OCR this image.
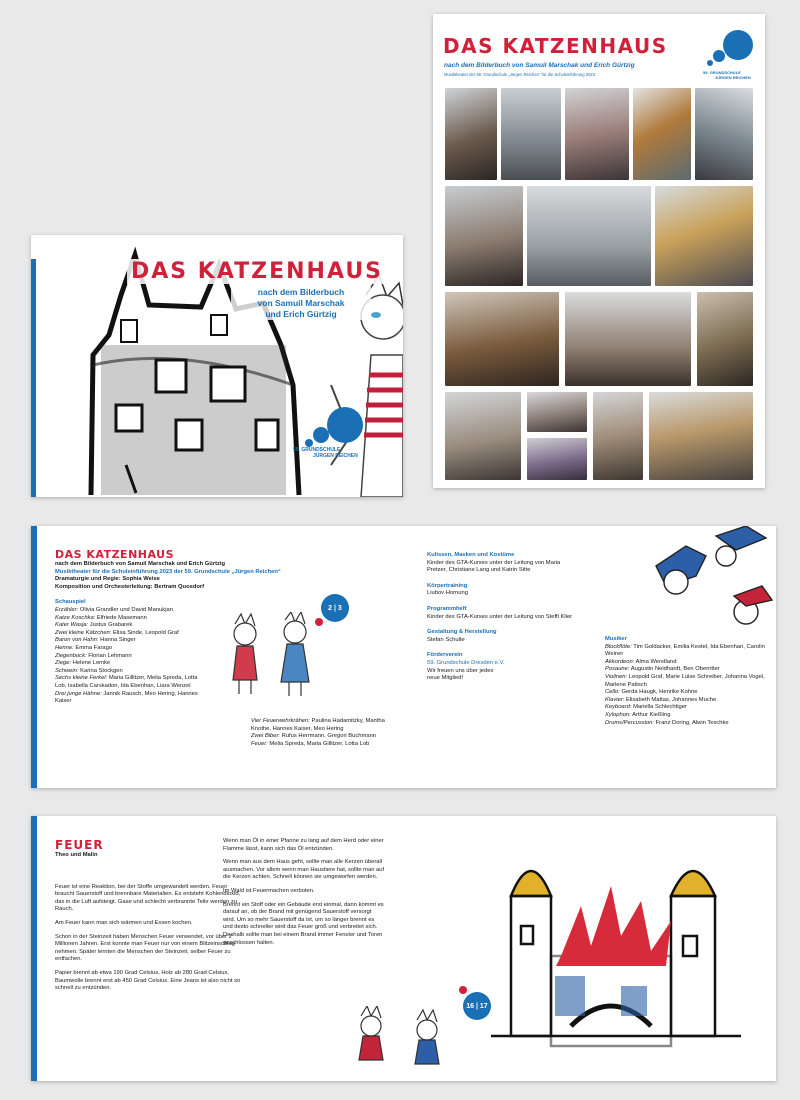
DAS KATZENHAUS
nach dem Bilderbuch
von Samuil Marschak
und Erich Gürtzig
59. GRUNDSCHULE
JÜRGEN REICHEN
DAS KATZENHAUS
nach dem Bilderbuch von Samuil Marschak und Erich Gürtzig
Musiktheater der 59. Grundschule „Jürgen Reichen“ für die Schuleinführung 2023	59. GRUNDSCHULE
JÜRGEN REICHEN
DAS KATZENHAUS
nach dem Bilderbuch von Samuil Marschak und Erich Gürtzig
Musiktheater für die Schuleinführung 2023 der 59. Grundschule „Jürgen Reichen“
Dramaturgie und Regie: Sophia Weise
Komposition und Orchesterleitung: Bertram Quosdorf
Schauspiel
Erzähler: Olivia Grandler und David Manukjan
Katze Koschka: Elfriede Masemann
Kater Wasja: Justus Grabarek
Zwei kleine Kätzchen: Elisa Sinde, Leopold Graf
Baron von Hahn: Hanna Singer
Henne: Emma Farago
Ziegenbock: Florian Lehmann
Ziege: Helene Lemke
Schwein: Karina Stockgen
Sechs kleine Ferkel: Maria Gillitzer, Melia Spreda, Lotta Lob, Isabella Carskadon, Ida Ebenhan, Liara Wenzel
Drei junge Hähne: Jannik Rausch, Meo Hering, Hannes Kaiser
2 | 3
Vier Feuerwehrkrähen: Paulina Hadamitzky, Mantha Knothe, Hannes Kaiser, Meo Hering
Zwei Biber: Rufus Herrmann, Gregori Buchmann
Feuer: Melia Spreda, Maria Gillitzer, Lotta Lob
Kulissen, Masken und Kostüme
Kinder des GTA-Kurses unter der Leitung von Maria Pretzer, Christiane Lang und Katrin Sitte
Körpertraining
Liubov Hornung
Programmheft
Kinder des GTA-Kurses unter der Leitung von Steffi Klier
Gestaltung & Herstellung
Stefan Schulte
Förderverein
59. Grundschule Dresden e.V.
Wir freuen uns über jedes neue Mitglied!
Musiker
Blockflöte: Tim Goldacker, Emilia Kestel, Ida Ebenhan, Carolin Weiner
Akkordeon: Alma Wendland
Posaune: Augustin Neidhardt, Ben Oberritter
Violinen: Leopold Graf, Marie Luise Schreiber, Johanna Vogel, Marlene Pattsch
Cello: Gerda Haugk, Henrike Kohne
Klavier: Elisabeth Mattas, Johannes Muche
Keyboard: Mariella Schlechtiger
Xylophon: Arthur Kießling
Drums/Percussion: Franz Doring, Alwin Teschke
FEUER
Theo und Malin

Feuer ist eine Reaktion, bei der Stoffe umgewandelt werden. Feuer braucht Sauerstoff und brennbare Materialien. Es entsteht Kohlendioxid, das in die Luft aufsteigt. Gase und schlecht verbrannte Teile werden zu Rauch.

Am Feuer kann man sich wärmen und Essen kochen.

Schon in der Steinzeit haben Menschen Feuer verwendet, vor über 2 Millionen Jahren. Erst konnte man Feuer nur von einem Blitzeinschlag nehmen. Später lernten die Menschen der Steinzeit, selber Feuer zu entfachen.

Papier brennt ab etwa 190 Grad Celsius, Holz ab 280 Grad Celsius, Baumwolle brennt erst ab 450 Grad Celsius. Eine Jeans ist also nicht so schnell zu entzünden.

Wenn man Öl in einer Pfanne zu lang auf dem Herd oder einer Flamme lässt, kann sich das Öl entzünden.

Wenn man aus dem Haus geht, sollte man alle Kerzen überall ausmachen. Vor allem wenn man Haustiere hat, sollte man auf die Kerzen achten. Schnell können sie umgeworfen werden.

Im Wald ist Feuermachen verboten.

Brennt ein Stoff oder ein Gebäude erst einmal, dann kommt es darauf an, ob der Brand mit genügend Sauerstoff versorgt wird. Um so mehr Sauerstoff da ist, um so länger brennt es und desto schneller wird das Feuer groß und verbreitet sich. Deshalb sollte man bei einem Brand immer Fenster und Toren geschlossen halten.

16 | 17
